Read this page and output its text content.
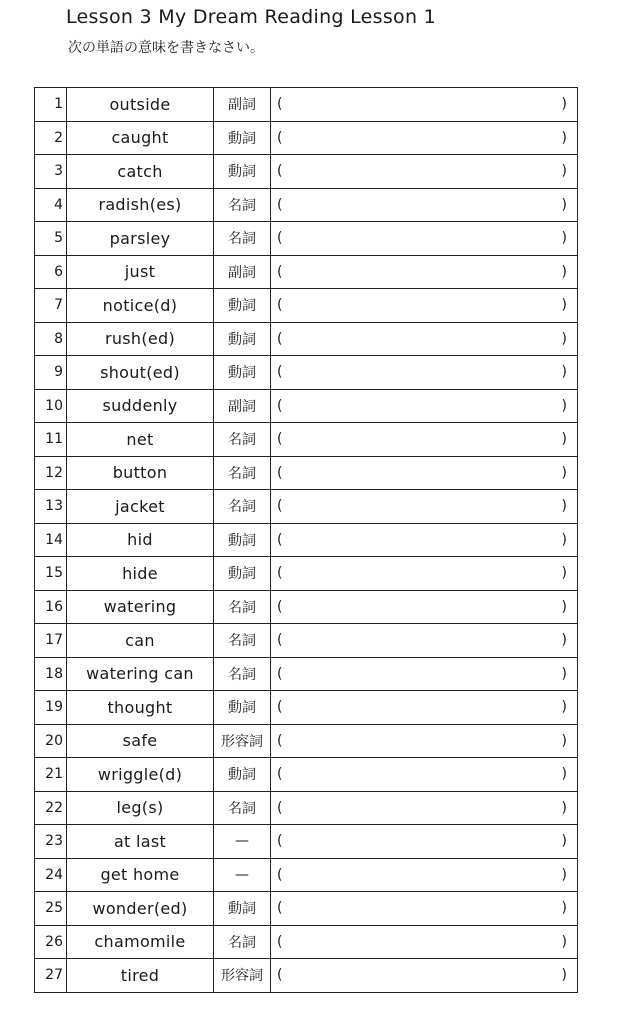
Lesson 3 My Dream Reading Lesson 1
次の単語の意味を書きなさい。
1	outside	副詞	( )

2	caught	動詞	( )

3	catch	動詞	( )

4	radish(es)	名詞	( )

5	parsley	名詞	( )

6	just	副詞	( )

7	notice(d)	動詞	( )

8	rush(ed)	動詞	( )

9	shout(ed)	動詞	( )

10	suddenly	副詞	( )

11	net	名詞	( )

12	button	名詞	( )

13	jacket	名詞	( )

14	hid	動詞	( )

15	hide	動詞	( )

16	watering	名詞	( )

17	can	名詞	( )

18	watering can	名詞	( )

19	thought	動詞	( )

20	safe	形容詞	( )

21	wriggle(d)	動詞	( )

22	leg(s)	名詞	( )

23	at last	—	( )

24	get home	—	( )

25	wonder(ed)	動詞	( )

26	chamomile	名詞	( )

27	tired	形容詞	( )
